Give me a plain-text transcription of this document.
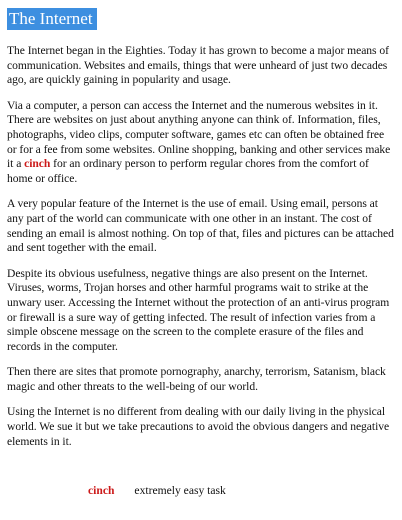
The Internet

The Internet began in the Eighties. Today it has grown to become a major means of communication. Websites and emails, things that were unheard of just two decades ago, are quickly gaining in popularity and usage.

Via a computer, a person can access the Internet and the numerous websites in it. There are websites on just about anything anyone can think of. Information, files, photographs, video clips, computer software, games etc can often be obtained free or for a fee from some websites. Online shopping, banking and other services make it a cinch for an ordinary person to perform regular chores from the comfort of home or office.

A very popular feature of the Internet is the use of email. Using email, persons at any part of the world can communicate with one other in an instant. The cost of sending an email is almost nothing. On top of that, files and pictures can be attached and sent together with the email.

Despite its obvious usefulness, negative things are also present on the Internet. Viruses, worms, Trojan horses and other harmful programs wait to strike at the unwary user. Accessing the Internet without the protection of an anti-virus program or firewall is a sure way of getting infected. The result of infection varies from a simple obscene message on the screen to the complete erasure of the files and records in the computer.

Then there are sites that promote pornography, anarchy, terrorism, Satanism, black magic and other threats to the well-being of our world.

Using the Internet is no different from dealing with our daily living in the physical world. We sue it but we take precautions to avoid the obvious dangers and negative elements in it.

cinch extremely easy task
